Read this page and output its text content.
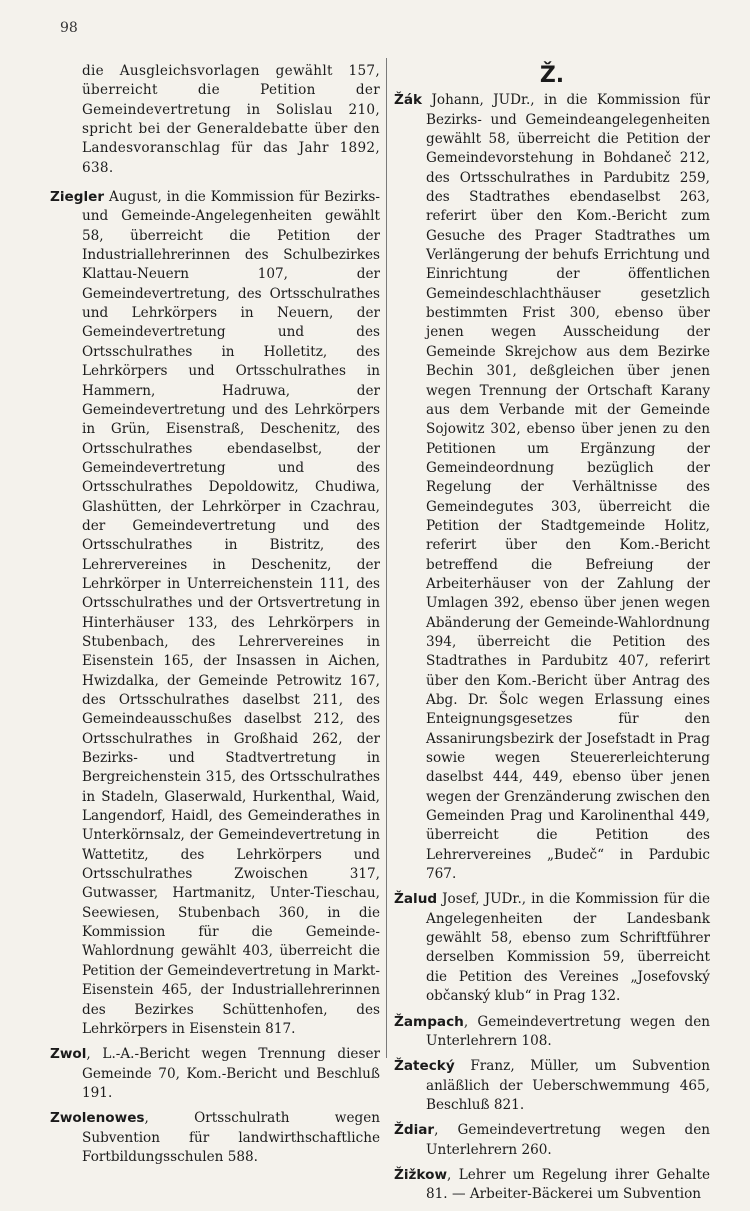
98

die Ausgleichsvorlagen gewählt 157, überreicht die Petition der Gemeindevertretung in Solislau 210, spricht bei der Generaldebatte über den Landesvoranschlag für das Jahr 1892, 638.

Ziegler August, in die Kommission für Bezirks- und Gemeinde-Angelegenheiten gewählt 58, überreicht die Petition der Industriallehrerinnen des Schulbezirkes Klattau-Neuern 107, der Gemeindevertretung, des Ortsschulrathes und Lehrkörpers in Neuern, der Gemeindevertretung und des Ortsschulrathes in Holletitz, des Lehrkörpers und Ortsschulrathes in Hammern, Hadruwa, der Gemeindevertretung und des Lehrkörpers in Grün, Eisenstraß, Deschenitz, des Ortsschulrathes ebendaselbst, der Gemeindevertretung und des Ortsschulrathes Depoldowitz, Chudiwa, Glashütten, der Lehrkörper in Czachrau, der Gemeindevertretung und des Ortsschulrathes in Bistritz, des Lehrervereines in Deschenitz, der Lehrkörper in Unterreichenstein 111, des Ortsschulrathes und der Ortsvertretung in Hinterhäuser 133, des Lehrkörpers in Stubenbach, des Lehrervereines in Eisenstein 165, der Insassen in Aichen, Hwizdalka, der Gemeinde Petrowitz 167, des Ortsschulrathes daselbst 211, des Gemeindeausschußes daselbst 212, des Ortsschulrathes in Großhaid 262, der Bezirks- und Stadtvertretung in Bergreichenstein 315, des Ortsschulrathes in Stadeln, Glaserwald, Hurkenthal, Waid, Langendorf, Haidl, des Gemeinderathes in Unterkörnsalz, der Gemeindevertretung in Wattetitz, des Lehrkörpers und Ortsschulrathes Zwoischen 317, Gutwasser, Hartmanitz, Unter-Tieschau, Seewiesen, Stubenbach 360, in die Kommission für die Gemeinde-Wahlordnung gewählt 403, überreicht die Petition der Gemeindevertretung in Markt-Eisenstein 465, der Industriallehrerinnen des Bezirkes Schüttenhofen, des Lehrkörpers in Eisenstein 817.

Zwol, L.-A.-Bericht wegen Trennung dieser Gemeinde 70, Kom.-Bericht und Beschluß 191.

Zwolenowes, Ortsschulrath wegen Subvention für landwirthschaftliche Fortbildungsschulen 588.

Ž.

Žák Johann, JUDr., in die Kommission für Bezirks- und Gemeindeangelegenheiten gewählt 58, überreicht die Petition der Gemeindevorstehung in Bohdaneč 212, des Ortsschulrathes in Pardubitz 259, des Stadtrathes ebendaselbst 263, referirt über den Kom.-Bericht zum Gesuche des Prager Stadtrathes um Verlängerung der behufs Errichtung und Einrichtung der öffentlichen Gemeindeschlachthäuser gesetzlich bestimmten Frist 300, ebenso über jenen wegen Ausscheidung der Gemeinde Skrejchow aus dem Bezirke Bechin 301, deßgleichen über jenen wegen Trennung der Ortschaft Karany aus dem Verbande mit der Gemeinde Sojowitz 302, ebenso über jenen zu den Petitionen um Ergänzung der Gemeindeordnung bezüglich der Regelung der Verhältnisse des Gemeindegutes 303, überreicht die Petition der Stadtgemeinde Holitz, referirt über den Kom.-Bericht betreffend die Befreiung der Arbeiterhäuser von der Zahlung der Umlagen 392, ebenso über jenen wegen Abänderung der Gemeinde-Wahlordnung 394, überreicht die Petition des Stadtrathes in Pardubitz 407, referirt über den Kom.-Bericht über Antrag des Abg. Dr. Šolc wegen Erlassung eines Enteignungsgesetzes für den Assanirungsbezirk der Josefstadt in Prag sowie wegen Steuererleichterung daselbst 444, 449, ebenso über jenen wegen der Grenzänderung zwischen den Gemeinden Prag und Karolinenthal 449, überreicht die Petition des Lehrervereines „Budeč“ in Pardubic 767.

Žalud Josef, JUDr., in die Kommission für die Angelegenheiten der Landesbank gewählt 58, ebenso zum Schriftführer derselben Kommission 59, überreicht die Petition des Vereines „Josefovský občanský klub“ in Prag 132.

Žampach, Gemeindevertretung wegen den Unterlehrern 108.

Žatecký Franz, Müller, um Subvention anläßlich der Ueberschwemmung 465, Beschluß 821.

Ždiar, Gemeindevertretung wegen den Unterlehrern 260.

Žižkow, Lehrer um Regelung ihrer Gehalte 81. — Arbeiter-Bäckerei um Subvention
